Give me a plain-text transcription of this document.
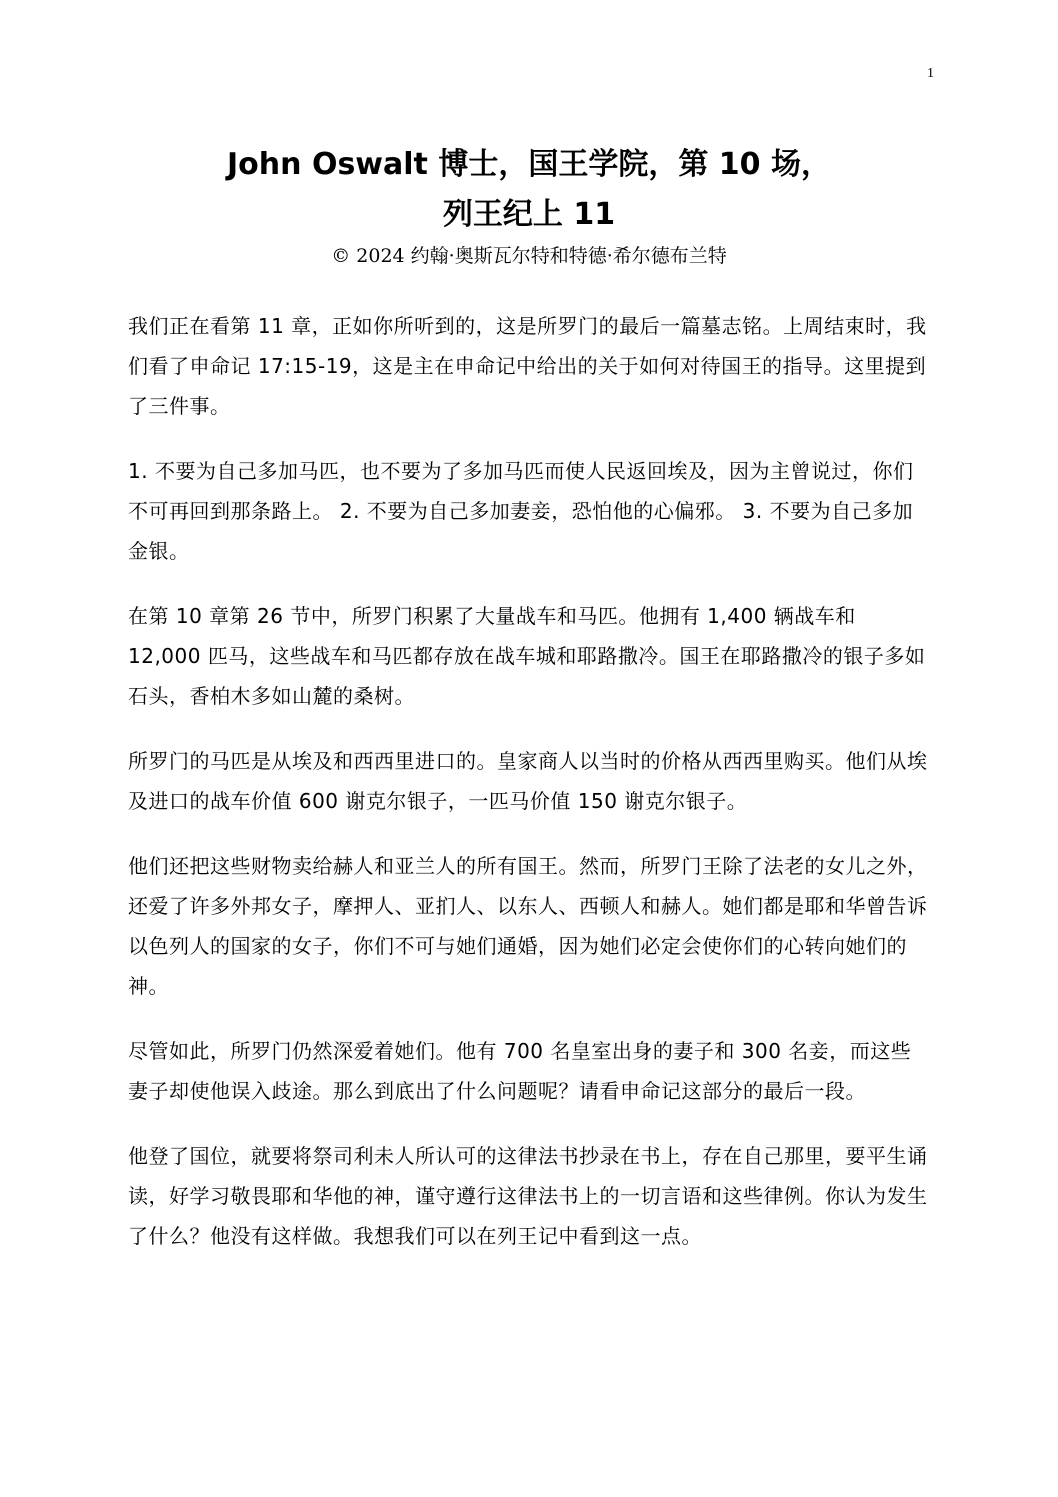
1
John Oswalt 博士，国王学院，第 10 场，
列王纪上 11
© 2024 约翰·奥斯瓦尔特和特德·希尔德布兰特

我们正在看第 11 章，正如你所听到的，这是所罗门的最后一篇墓志铭。上周结束时，我们看了申命记 17:15-19，这是主在申命记中给出的关于如何对待国王的指导。这里提到了三件事。

1. 不要为自己多加马匹，也不要为了多加马匹而使人民返回埃及，因为主曾说过，你们不可再回到那条路上。 2. 不要为自己多加妻妾，恐怕他的心偏邪。 3. 不要为自己多加金银。

在第 10 章第 26 节中，所罗门积累了大量战车和马匹。他拥有 1,400 辆战车和 12,000 匹马，这些战车和马匹都存放在战车城和耶路撒冷。国王在耶路撒冷的银子多如石头，香柏木多如山麓的桑树。

所罗门的马匹是从埃及和西西里进口的。皇家商人以当时的价格从西西里购买。他们从埃及进口的战车价值 600 谢克尔银子，一匹马价值 150 谢克尔银子。

他们还把这些财物卖给赫人和亚兰人的所有国王。然而，所罗门王除了法老的女儿之外，还爱了许多外邦女子，摩押人、亚扪人、以东人、西顿人和赫人。她们都是耶和华曾告诉以色列人的国家的女子，你们不可与她们通婚，因为她们必定会使你们的心转向她们的神。

尽管如此，所罗门仍然深爱着她们。他有 700 名皇室出身的妻子和 300 名妾，而这些妻子却使他误入歧途。那么到底出了什么问题呢？请看申命记这部分的最后一段。

他登了国位，就要将祭司利未人所认可的这律法书抄录在书上，存在自己那里，要平生诵读，好学习敬畏耶和华他的神，谨守遵行这律法书上的一切言语和这些律例。你认为发生了什么？他没有这样做。我想我们可以在列王记中看到这一点。
